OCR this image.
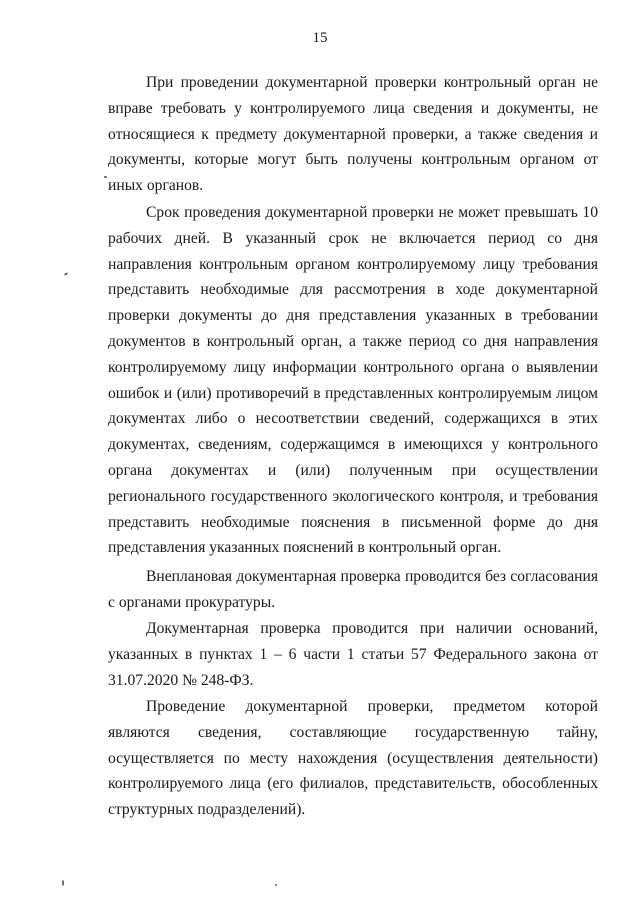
15

При проведении документарной проверки контрольный орган не вправе требовать у контролируемого лица сведения и документы, не относящиеся к предмету документарной проверки, а также сведения и документы, которые могут быть получены контрольным органом от иных органов.

Срок проведения документарной проверки не может превышать 10 рабочих дней. В указанный срок не включается период со дня направления контрольным органом контролируемому лицу требования представить необходимые для рассмотрения в ходе документарной проверки документы до дня представления указанных в требовании документов в контрольный орган, а также период со дня направления контролируемому лицу информации контрольного органа о выявлении ошибок и (или) противоречий в представленных контролируемым лицом документах либо о несоответствии сведений, содержащихся в этих документах, сведениям, содержащимся в имеющихся у контрольного органа документах и (или) полученным при осуществлении регионального государственного экологического контроля, и требования представить необходимые пояснения в письменной форме до дня представления указанных пояснений в контрольный орган.

Внеплановая документарная проверка проводится без согласования с органами прокуратуры.

Документарная проверка проводится при наличии оснований, указанных в пунктах 1 – 6 части 1 статьи 57 Федерального закона от 31.07.2020 № 248-ФЗ.

Проведение документарной проверки, предметом которой являются сведения, составляющие государственную тайну, осуществляется по месту нахождения (осуществления деятельности) контролируемого лица (его филиалов, представительств, обособленных структурных подразделений).
